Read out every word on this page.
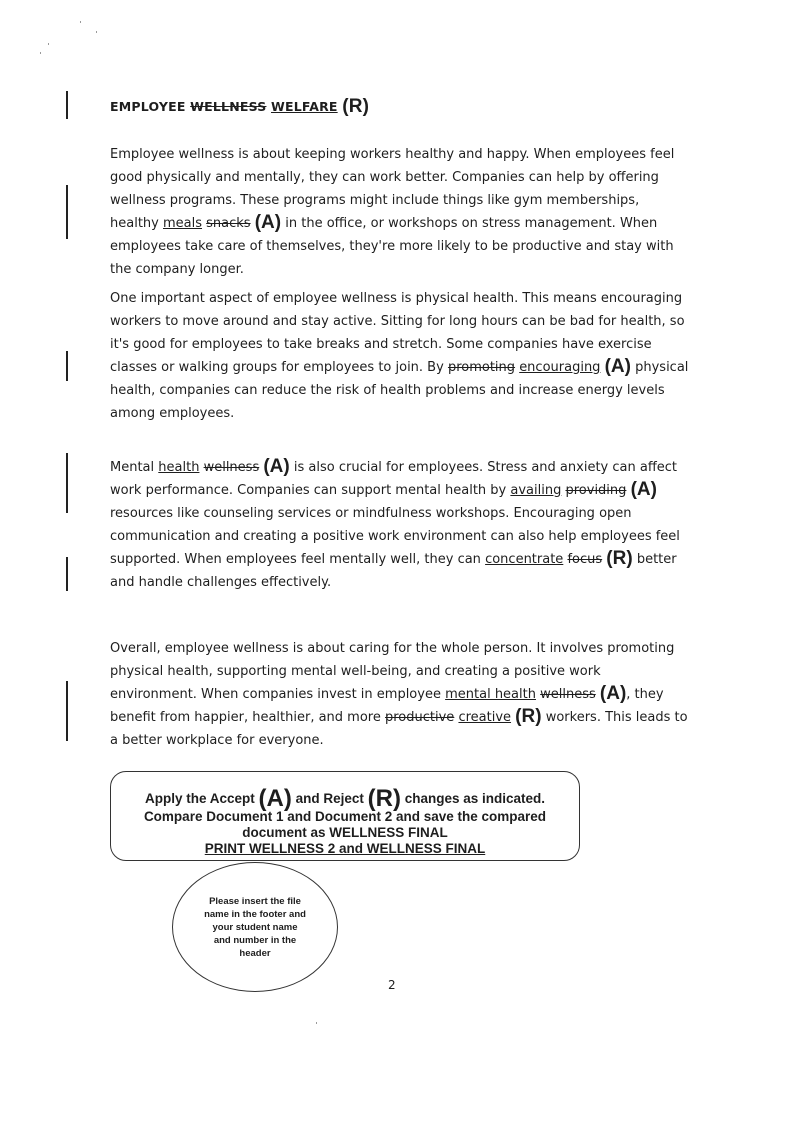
EMPLOYEE WELLNESS WELFARE (R)
Employee wellness is about keeping workers healthy and happy. When employees feel good physically and mentally, they can work better. Companies can help by offering wellness programs. These programs might include things like gym memberships, healthy meals snacks (A) in the office, or workshops on stress management. When employees take care of themselves, they're more likely to be productive and stay with the company longer.
One important aspect of employee wellness is physical health. This means encouraging workers to move around and stay active. Sitting for long hours can be bad for health, so it's good for employees to take breaks and stretch. Some companies have exercise classes or walking groups for employees to join. By promoting encouraging (A) physical health, companies can reduce the risk of health problems and increase energy levels among employees.
Mental health wellness (A) is also crucial for employees. Stress and anxiety can affect work performance. Companies can support mental health by availing providing (A) resources like counseling services or mindfulness workshops. Encouraging open communication and creating a positive work environment can also help employees feel supported. When employees feel mentally well, they can concentrate focus (R) better and handle challenges effectively.
Overall, employee wellness is about caring for the whole person. It involves promoting physical health, supporting mental well-being, and creating a positive work environment. When companies invest in employee mental health wellness (A), they benefit from happier, healthier, and more productive creative (R) workers. This leads to a better workplace for everyone.
Apply the Accept (A) and Reject (R) changes as indicated.
Compare Document 1 and Document 2 and save the compared document as WELLNESS FINAL
PRINT WELLNESS 2 and WELLNESS FINAL
Please insert the file name in the footer and your student name and number in the header
2
